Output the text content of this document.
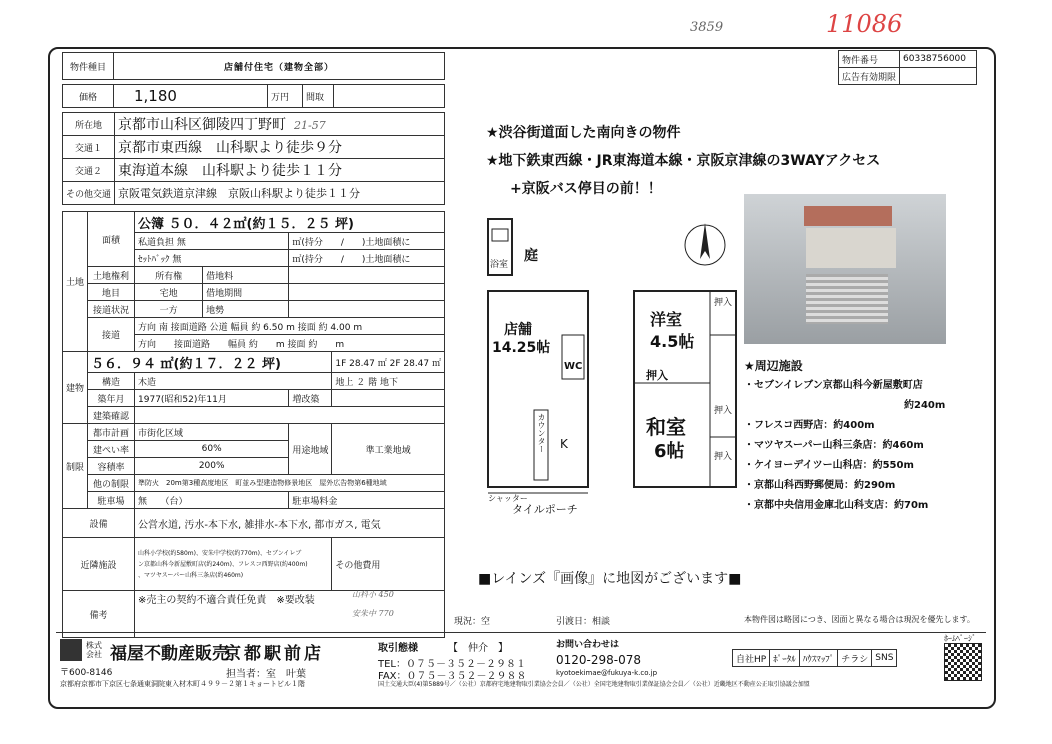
3859	11086
物件番号	60338756000
広告有効期限	
物件種目	店舗付住宅（建物全部）
価格	1,180	万円	間取	
所在地	京都市山科区御陵四丁野町 21-57
交通１	京都市東西線　山科駅より徒歩９分
交通２	東海道本線　山科駅より徒歩１１分
その他交通	京阪電気鉄道京津線　京阪山科駅より徒歩１１分
土地	面積	公簿 ５０．４２㎡(約１５．２５ 坪)			
		私道負担 無		㎡(持分　　/　　)土地面積に	
		ｾｯﾄﾊﾞｯｸ 無		㎡(持分　　/　　)土地面積に	
	土地権利	所有権	借地料		
	地目	宅地	借地期間		
	接道状況	一方	地勢		
	接道	方向 南 接面道路 公道 幅員 約 6.50 m 接面 約 4.00 m			
		方向　　接面道路　　幅員 約　　m 接面 約　　m			
建物	５６．９４ ㎡(約１７．２２ 坪)				1F 28.47 ㎡ 2F 28.47 ㎡
	構造	木造			地上 ２ 階 地下
	築年月	1977(昭和52)年11月		増改築	
	建築確認				
制限	都市計画	市街化区域		用途地域	準工業地域
	建ぺい率	60%			
	容積率	200%			
	他の制限	準防火　20m第3種高度地区　町並み型建造物修景地区　屋外広告物第6種地域			
	駐車場	無　　（台）		駐車場料金	
設備		公営水道, 汚水-本下水, 雑排水-本下水, 都市ガス, 電気			
近隣施設		山科小学校(約580m)、安朱中学校(約770m)、セブンイレブ
ン京都山科今新屋敷町店(約240m)、フレスコ西野店(約400m)
、マツヤスーパー山科三条店(約460m)			その他費用
備考		※売主の契約不適合責任免責　※要改装
山科小 450

安朱中 770			
★渋谷街道面した南向きの物件
★地下鉄東西線・JR東海道本線・京阪京津線の3WAYアクセス
+京阪バス停目の前！！
浴室
庭
店舗
14.25帖
WC
カウンター K
シャッター
タイルポーチ
洋室
4.5帖
押入
和室
6帖
押入
押入
押入
★周辺施設
・セブンイレブン京都山科今新屋敷町店
約240m
・フレスコ西野店：約400m
・マツヤスーパー山科三条店：約460m
・ケイヨーデイツー山科店：約550m
・京都山科西野郵便局：約290m
・京都中央信用金庫北山科支店：約70m
■レインズ『画像』に地図がございます■
現況：空	引渡日：相談	本物件図は略図につき、図面と異なる場合は現況を優先します。
株式会社 福屋不動産販売
京都駅前店
〒600-8146	担当者：室　叶葉
京都府京都市下京区七条通東洞院東入材木町４９９－２第１キョートビル１階
取引態様	【　仲介　】
TEL：０７５－３５２－２９８１
FAX：０７５－３５２－２９８８
お問い合わせは
0120-298-078
kyotoekimae@fukuya-k.co.jp
国土交通大臣(4)第5889号／（公社）京都府宅地建物取引業協会会員／（公社）全国宅地建物取引業保証協会会員／（公社）近畿地区不動産公正取引協議会加盟
自社HP	ﾎﾟｰﾀﾙ	ﾊｳｽﾏｯﾌﾟ	チラシ	SNS
ﾎｰﾑﾍﾟｰｼﾞ
